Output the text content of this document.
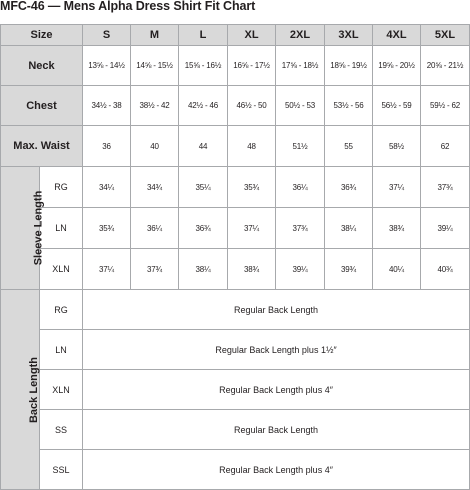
MFC-46 — Mens Alpha Dress Shirt Fit Chart
Size		S	M	L	XL	2XL	3XL	4XL	5XL
Neck		13⅝ - 14½	14⅝ - 15½	15⅝ - 16½	16⅝ - 17½	17⅝ - 18½	18⅝ - 19½	19⅝ - 20½	20⅝ - 21½
Chest		34½ - 38	38½ - 42	42½ - 46	46½ - 50	50½ - 53	53½ - 56	56½ - 59	59½ - 62
Max. Waist		36	40	44	48	51½	55	58½	62
Sleeve Length	RG	34¼	34¾	35¼	35¾	36¼	36¾	37¼	37¾
	LN	35¾	36¼	36¾	37¼	37¾	38¼	38¾	39¼
	XLN	37¼	37¾	38¼	38¾	39¼	39¾	40¼	40¾
Back Length	RG	Regular Back Length							
	LN	Regular Back Length plus 1½″							
	XLN	Regular Back Length plus 4″							
	SS	Regular Back Length							
	SSL	Regular Back Length plus 4″							
